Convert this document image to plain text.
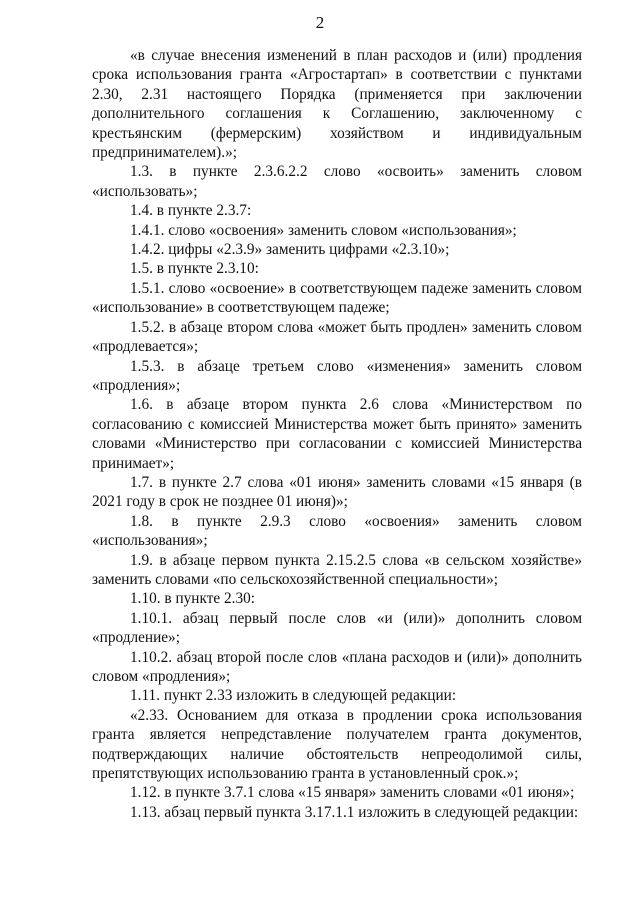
2

«в случае внесения изменений в план расходов и (или) продления срока использования гранта «Агростартап» в соответствии с пунктами 2.30, 2.31 настоящего Порядка (применяется при заключении дополнительного соглашения к Соглашению, заключенному с крестьянским (фермерским) хозяйством и индивидуальным предпринимателем).»;

1.3. в пункте 2.3.6.2.2 слово «освоить» заменить словом «использовать»;

1.4. в пункте 2.3.7:

1.4.1. слово «освоения» заменить словом «использования»;

1.4.2. цифры «2.3.9» заменить цифрами «2.3.10»;

1.5. в пункте 2.3.10:

1.5.1. слово «освоение» в соответствующем падеже заменить словом «использование» в соответствующем падеже;

1.5.2. в абзаце втором слова «может быть продлен» заменить словом «продлевается»;

1.5.3. в абзаце третьем слово «изменения» заменить словом «продления»;

1.6. в абзаце втором пункта 2.6 слова «Министерством по согласованию с комиссией Министерства может быть принято» заменить словами «Министерство при согласовании с комиссией Министерства принимает»;

1.7. в пункте 2.7 слова «01 июня» заменить словами «15 января (в 2021 году в срок не позднее 01 июня)»;

1.8. в пункте 2.9.3 слово «освоения» заменить словом «использования»;

1.9. в абзаце первом пункта 2.15.2.5 слова «в сельском хозяйстве» заменить словами «по сельскохозяйственной специальности»;

1.10. в пункте 2.30:

1.10.1. абзац первый после слов «и (или)» дополнить словом «продление»;

1.10.2. абзац второй после слов «плана расходов и (или)» дополнить словом «продления»;

1.11. пункт 2.33 изложить в следующей редакции:

«2.33. Основанием для отказа в продлении срока использования гранта является непредставление получателем гранта документов, подтверждающих наличие обстоятельств непреодолимой силы, препятствующих использованию гранта в установленный срок.»;

1.12. в пункте 3.7.1 слова «15 января» заменить словами «01 июня»;

1.13. абзац первый пункта 3.17.1.1 изложить в следующей редакции:
